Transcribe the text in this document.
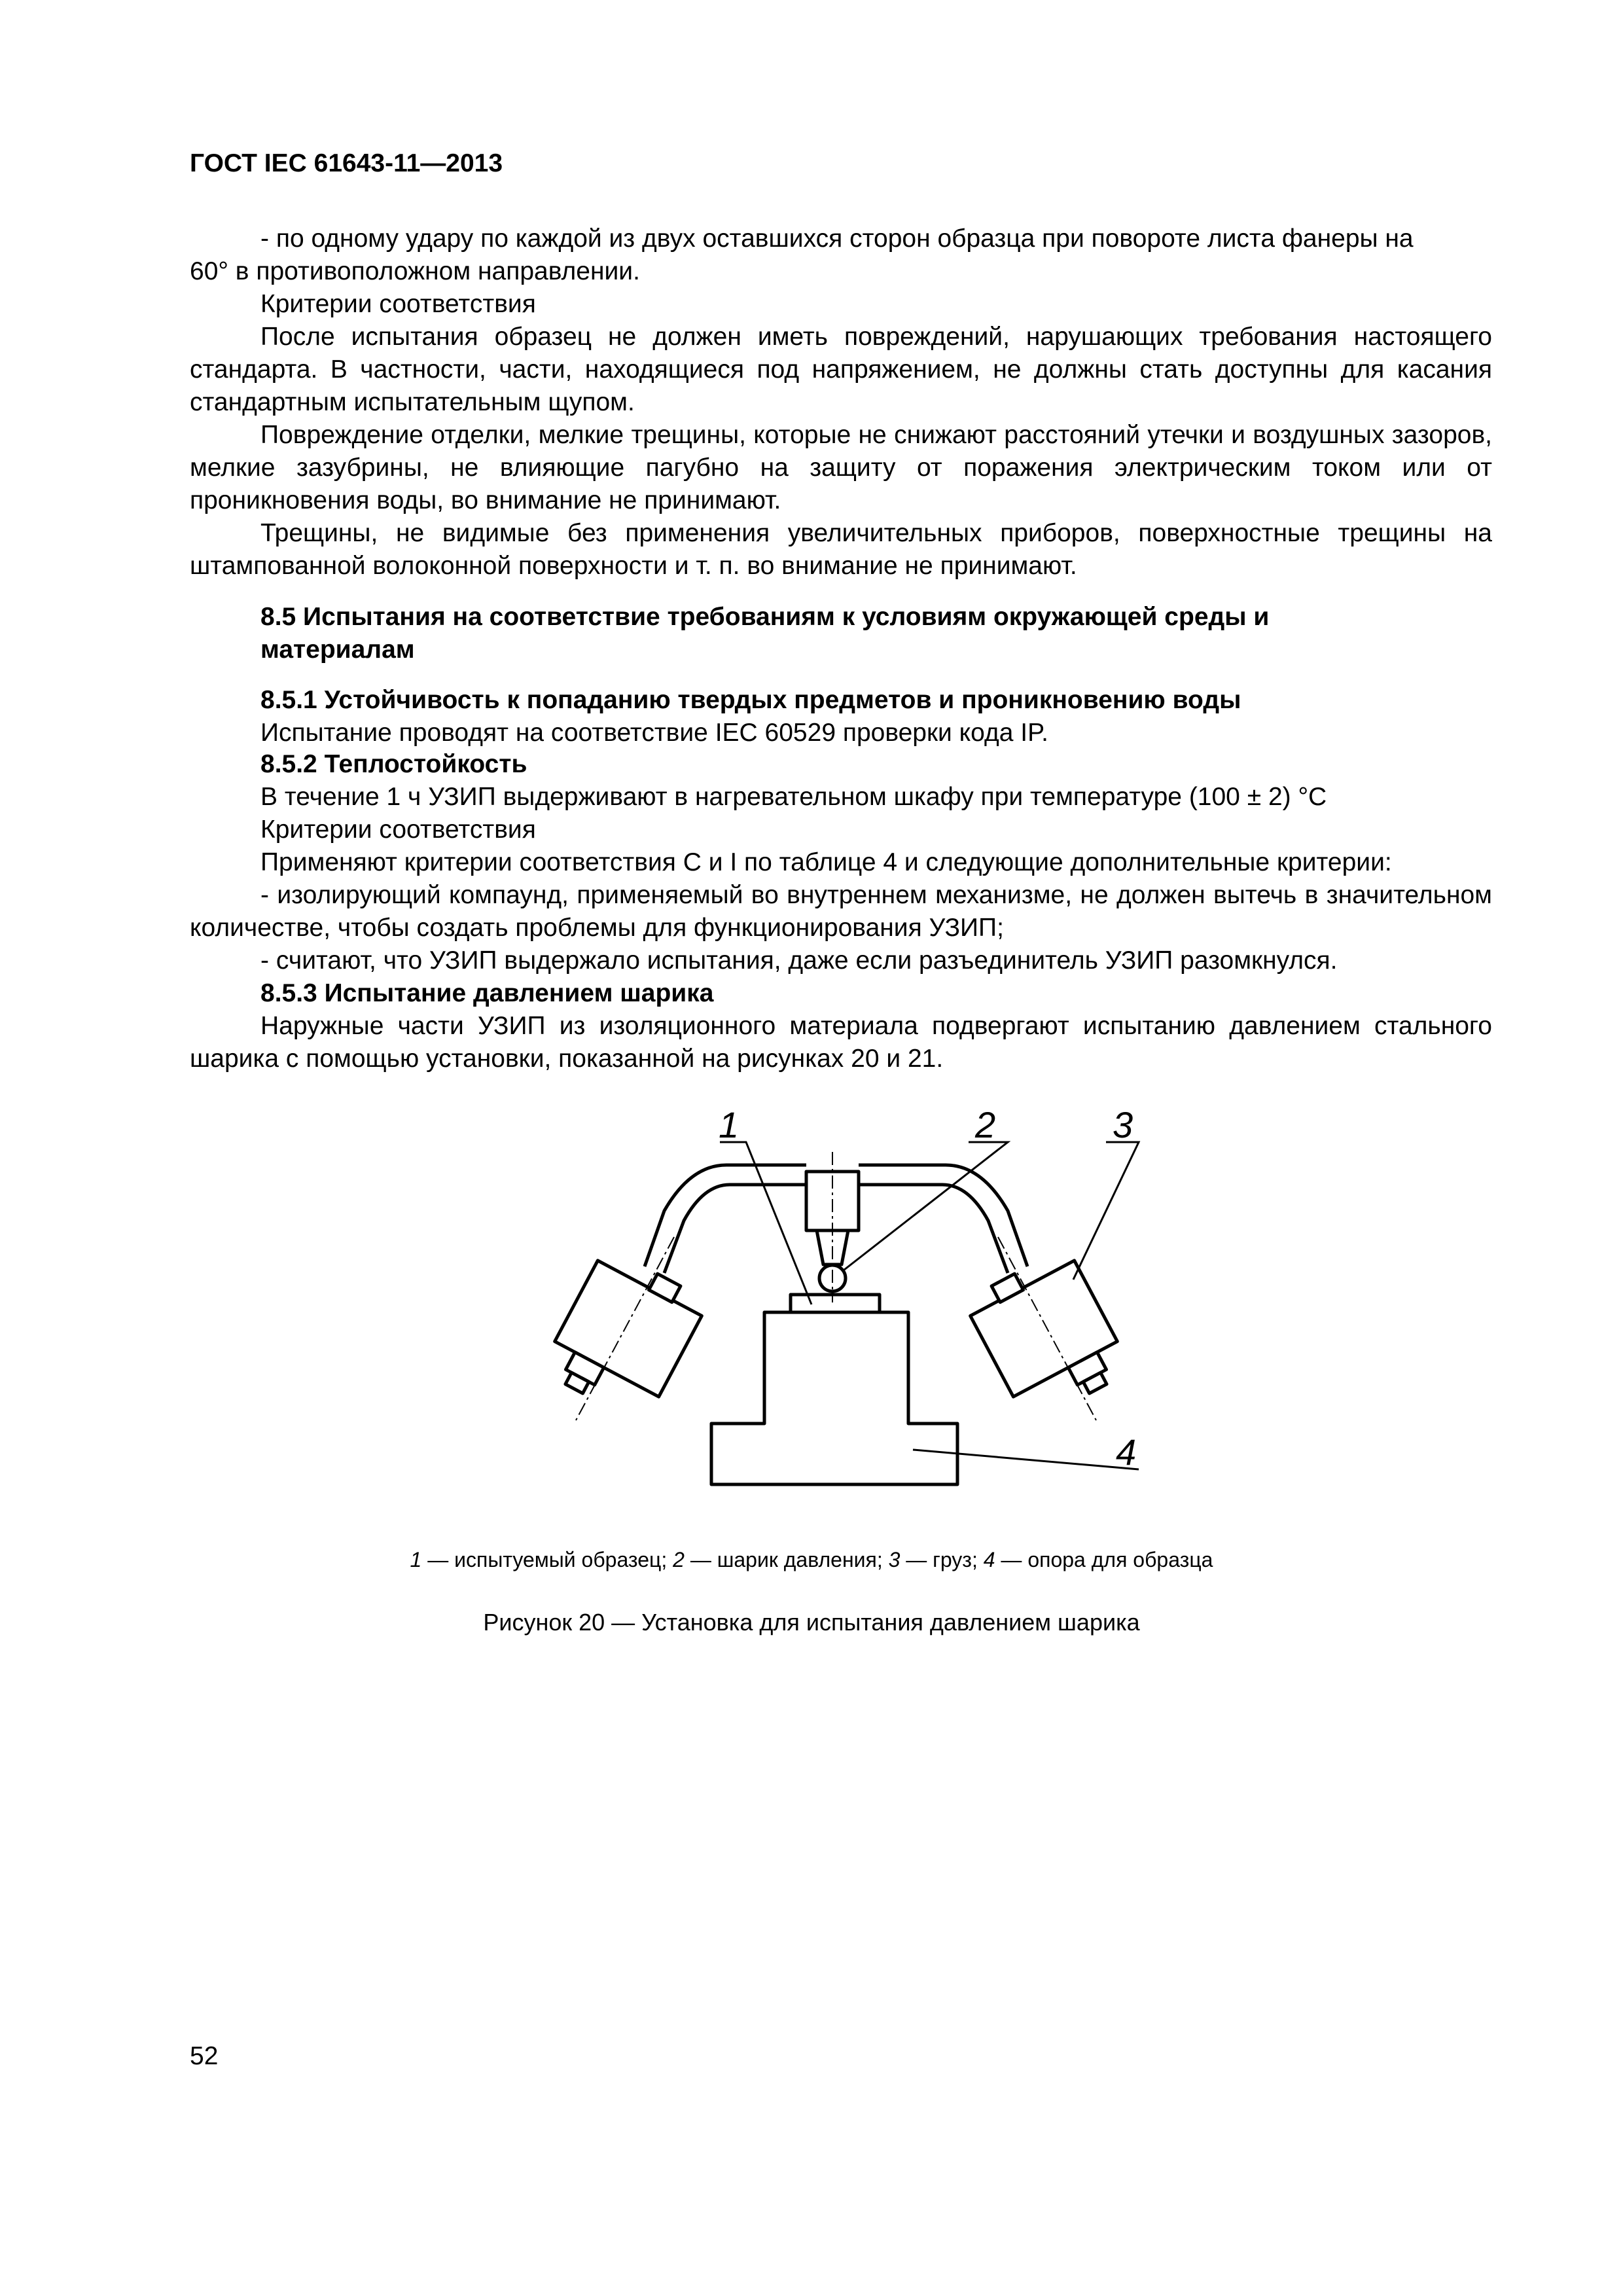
ГОСТ IEC 61643-11—2013
- по одному удару по каждой из двух оставшихся сторон образца при повороте листа фанеры на
60° в противоположном направлении.
Критерии соответствия
После испытания образец не должен иметь повреждений, нарушающих требования настоящего стандарта. В частности, части, находящиеся под напряжением, не должны стать доступны для касания стандартным испытательным щупом.
Повреждение отделки, мелкие трещины, которые не снижают расстояний утечки и воздушных зазоров, мелкие зазубрины, не влияющие пагубно на защиту от поражения электрическим током или от проникновения воды, во внимание не принимают.
Трещины, не видимые без применения увеличительных приборов, поверхностные трещины на штампованной волоконной поверхности и т. п. во внимание не принимают.
8.5 Испытания на соответствие требованиям к условиям окружающей среды и материалам
8.5.1 Устойчивость к попаданию твердых предметов и проникновению воды
Испытание проводят на соответствие IEC 60529 проверки кода IP.
8.5.2 Теплостойкость
В течение 1 ч УЗИП выдерживают в нагревательном шкафу при температуре (100 ± 2) °С
Критерии соответствия
Применяют критерии соответствия С и I по таблице 4 и следующие дополнительные критерии:
- изолирующий компаунд, применяемый во внутреннем механизме, не должен вытечь в значительном количестве, чтобы создать проблемы для функционирования УЗИП;
- считают, что УЗИП выдержало испытания, даже если разъединитель УЗИП разомкнулся.
8.5.3 Испытание давлением шарика
Наружные части УЗИП из изоляционного материала подвергают испытанию давлением стального шарика с помощью установки, показанной на рисунках 20 и 21.
1	2	3
4
1 — испытуемый образец; 2 — шарик давления; 3 — груз; 4 — опора для образца
Рисунок 20 — Установка для испытания давлением шарика
52
